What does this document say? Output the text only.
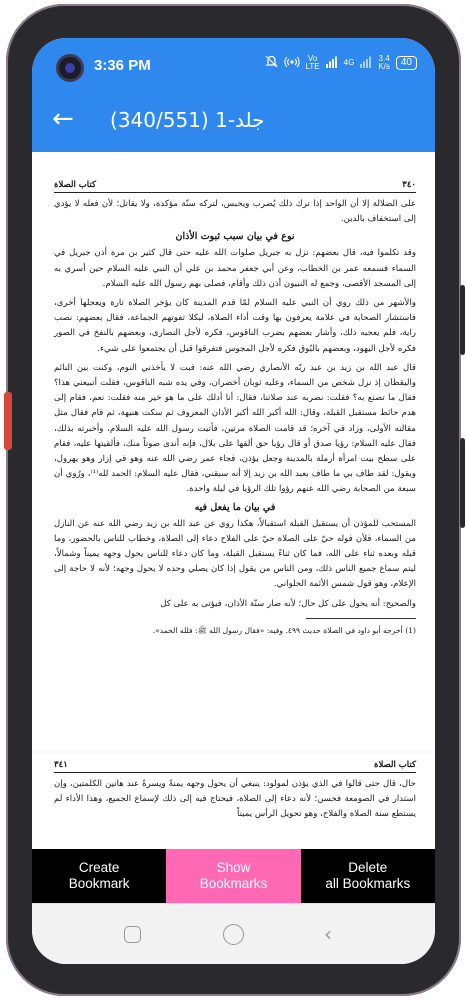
3:36 PM	Vo
LTE	4G	3.4
K/s	40
← جلد-1 (340/551)
كتاب الصلاة	٣٤٠

على الضلالة إلا أن الواحد إذا ترك ذلك يُضرب ويحبس، لتركه سنّة مؤكدة، ولا يقاتل؛ لأن فعله لا يؤدي إلى استخفاف بالدين.

نوع في بيان سبب ثبوت الأذان

وقد تكلموا فيه، قال بعضهم: نزل به جبريل صلوات الله عليه حتى قال كثير بن مرة أذن جبريل في السماء فسمعه عمر بن الخطاب، وعن أبي جعفر محمد بن علي أن النبي عليه السلام حين أسري به إلى المسجد الأقصى، وجمع له النبيون أذن ذلك وأقام، فصلى بهم رسول الله عليه السلام.

والأشهر من ذلك روي أن النبي عليه السلام لمّا قدم المدينة كان يؤخر الصلاة تارة ويعجلها أخرى، فاستشار الصحابة في علامة يعرفون بها وقت أداء الصلاة، لبكلا تفوتهم الجماعة، فقال بعضهم: نصب راية، فلم يعجبه ذلك، وأشار بعضهم بضرب الناقوس، فكره لأجل النصارى، وبعضهم بالنفخ في الصور فكره لأجل اليهود، وبعضهم بالبُوق فكره لأجل المجوس فتفرقوا قبل أن يجتمعوا على شيء.

قال عبد الله بن زيد بن عبد ربّه الأنصاري رضي الله عنه: فبت لا يأخذني النوم، وكنت بين النائم واليقظان إذ نزل شخص من السماء، وعليه ثوبان أخضران، وفي يده شبه الناقوس، فقلت أتبيعني هذا؟ فقال ما تصنع به؟ فقلت: نضربه عند صلاتنا، فقال: أنا أدلك على ما هو خير منه فقلت: نعم، فقام إلى هدم حائط مستقبل القبلة، وقال: الله أكبر الله أكبر الأذان المعروف ثم سكت هنيهة، ثم قام فقال مثل مقالته الأولى، وزاد في آخره؛ قد قامت الصلاة مرتين، فأتيت رسول الله عليه السلام، وأخبرته بذلك، فقال عليه السلام: رؤيا صدق أو قال رؤيا حق ألقها على بلال، فإنه أندى صوتاً منك، فألقيتها عليه، فقام على سطح بيت امرأة أرملة بالمدينة وجعل يؤذن، فجاء عمر رضي الله عنه وهو في إزار وهو يهرول، ويقول: لقد طاف بي ما طاف بعبد الله بن زيد إلا أنه سبقني، فقال عليه السلام: الحمد لله⁽¹⁾، ورُوي أن سبعة من الصحابة رضي الله عنهم رؤوا تلك الرؤيا في ليلة واحدة.

في بيان ما يفعل فيه

المستحب للمؤذن أن يستقبل القبلة استقبالاً، هكذا روي عن عبد الله بن زيد رضي الله عنه عن النازل من السماء، فلأن فوله حيّ على الصلاة حيّ على الفلاح دعاء إلى الصلاة، وخطاب للناس بالحضور، وما قبله وبعده ثناء على الله، فما كان ثناءً يستقبل القبلة، وما كان دعاء للناس يحول وجهه يميناً وشمالاً، ليتم سماع جميع الناس ذلك، ومن الناس من يقول إذا كان يصلي وحده لا يحول وجهه؛ لأنه لا حاجة إلى الإعلام، وهو قول شمس الأئمة الحلواني.

والصحيح: أنه يحول على كل حال؛ لأنه صار سنّة الأذان، فيؤتى به على كل

(1) أخرجه أبو داود في الصلاة حديث ٤٩٩. وفيه: «فقال رسول الله ﷺ: فلله الحمد».

٣٤١	كتاب الصلاة

حال، قال حتى قالوا في الذي يؤذن لمولود: ينبغي أن يحول وجهه يمنةً ويسرةً عند هاتين الكلمتين، وإن استدار في الصومعة فحسن؛ لأنه دعاء إلى الصلاة، فيحتاج فيه إلى ذلك لإسماع الجميع، وهذا الأداء لم يستطع سنة الصلاة والفلاح، وهو تحويل الرأس يميناً

Create
Bookmark
Show
Bookmarks
Delete
all Bookmarks
‹
